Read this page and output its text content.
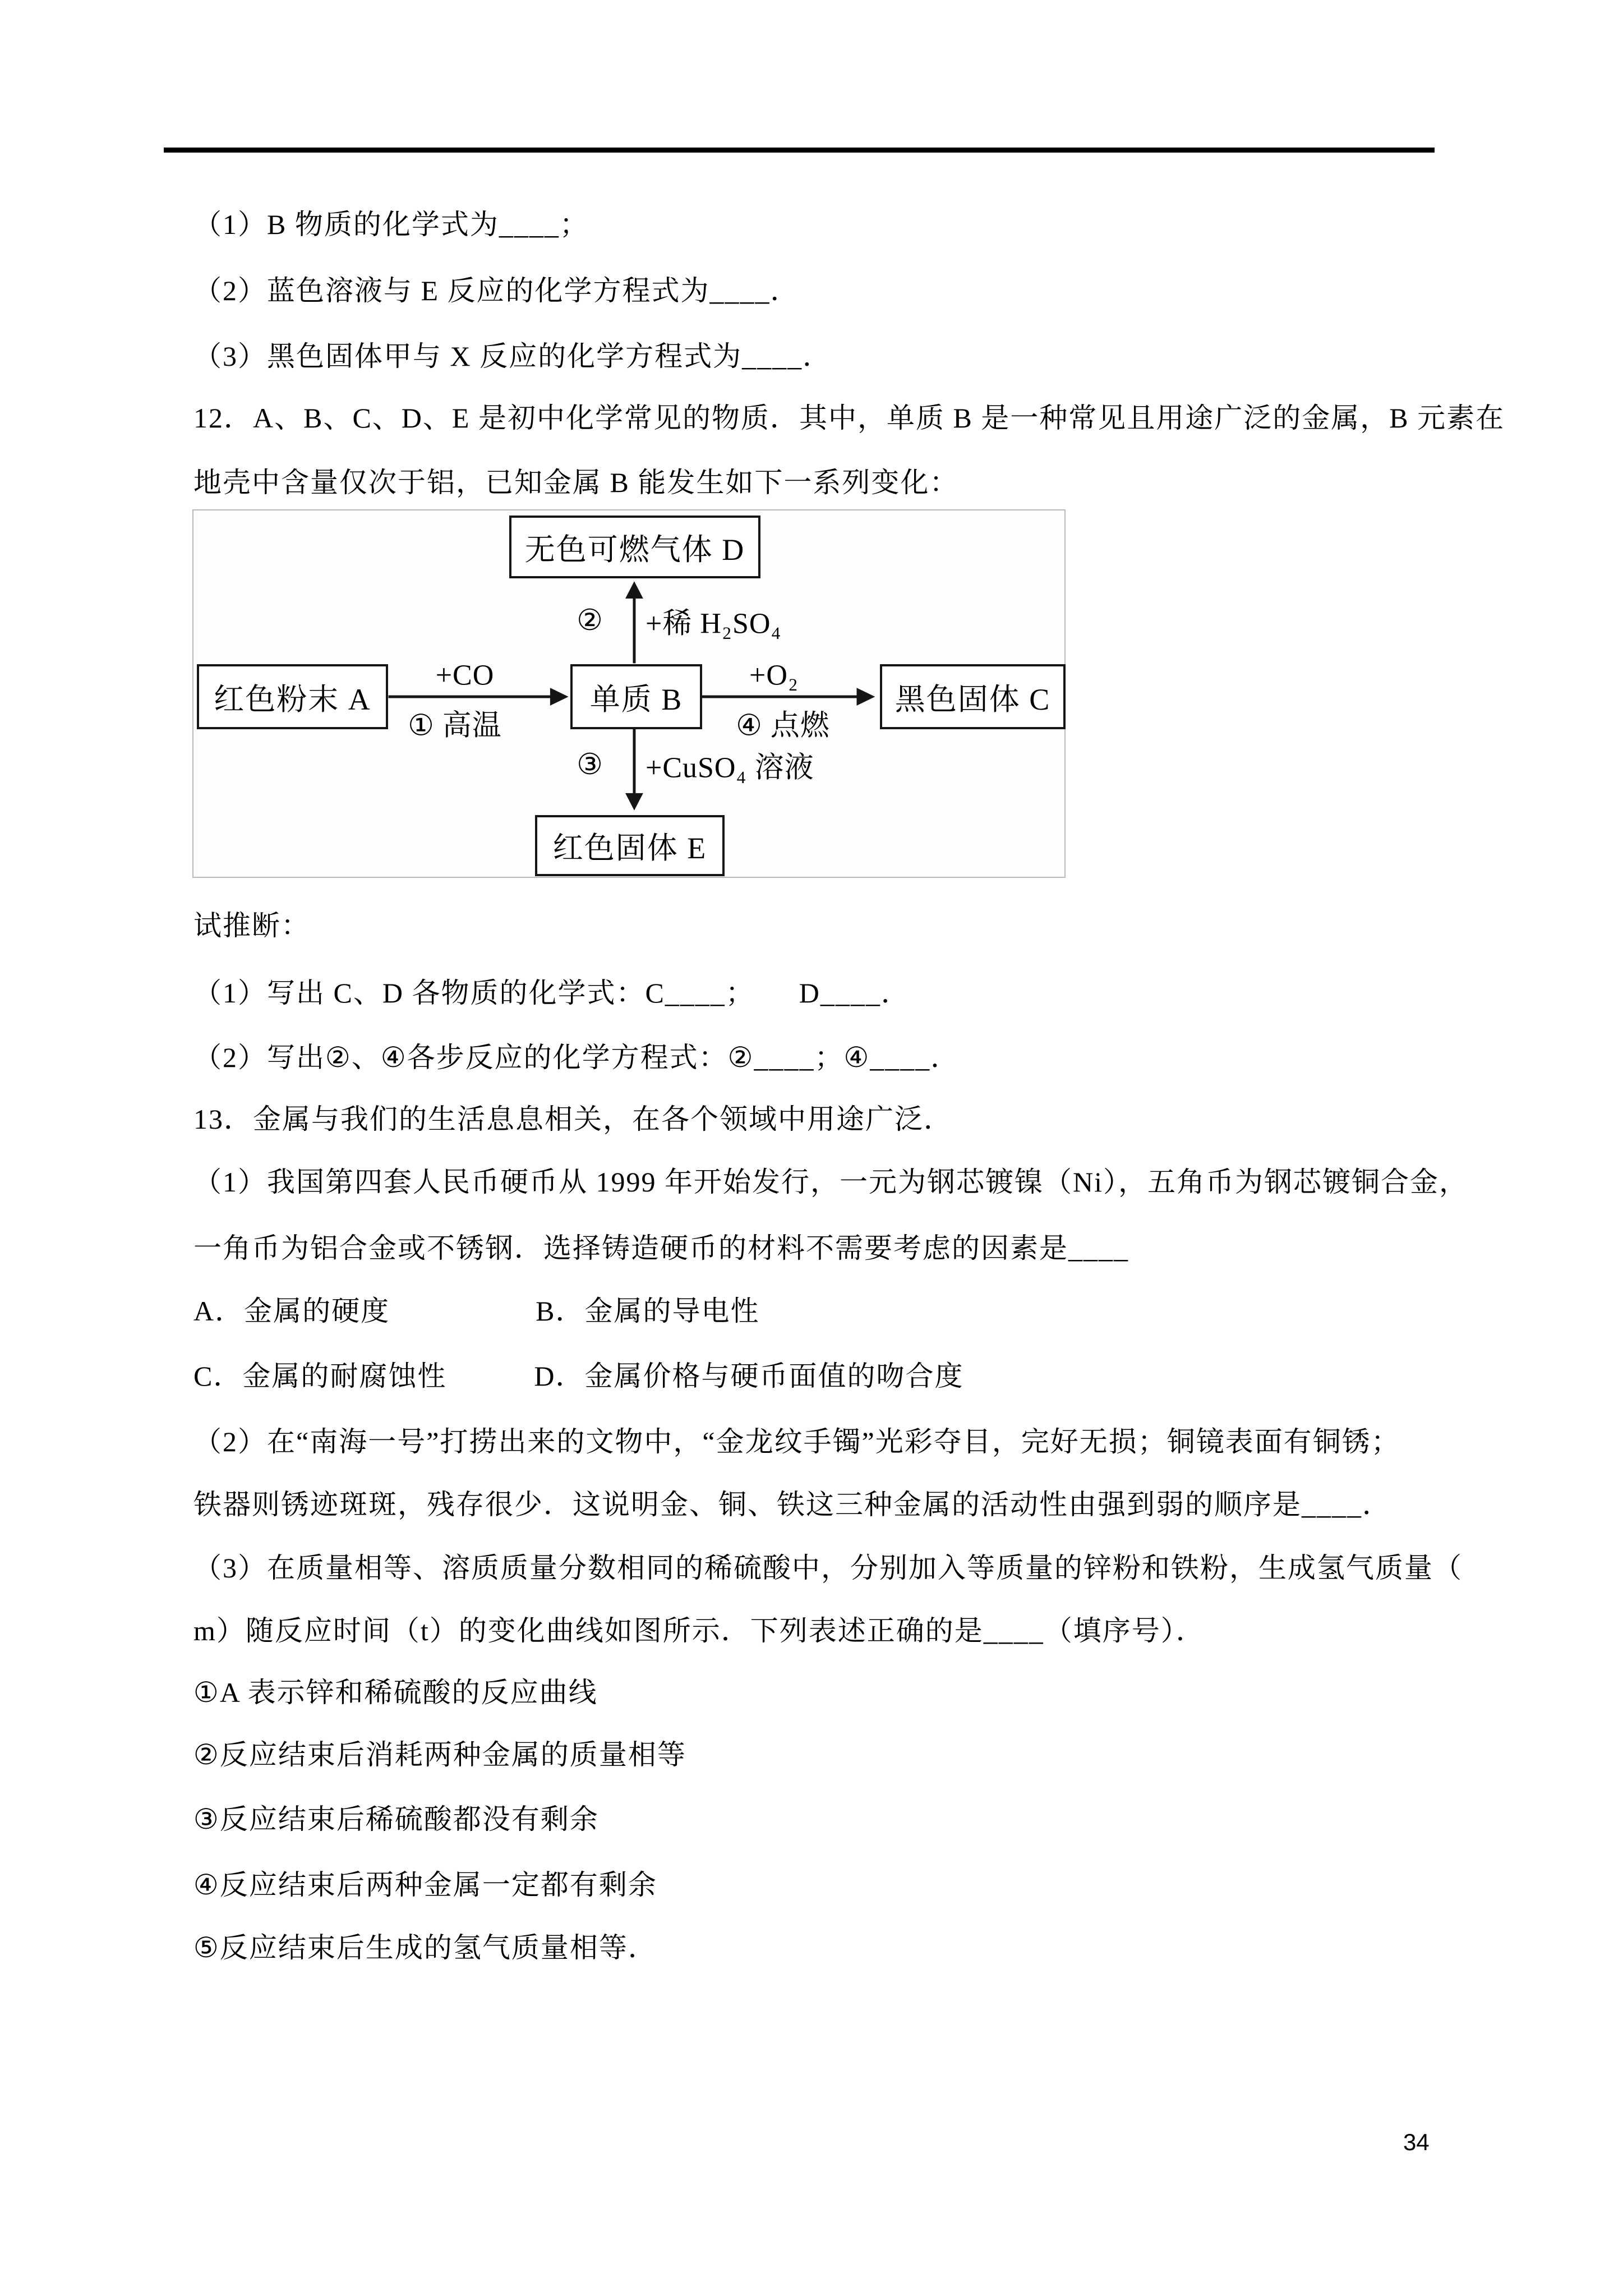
（1）B 物质的化学式为____；

（2）蓝色溶液与 E 反应的化学方程式为____．

（3）黑色固体甲与 X 反应的化学方程式为____．

12．A、B、C、D、E 是初中化学常见的物质．其中，单质 B 是一种常见且用途广泛的金属，B 元素在

地壳中含量仅次于铝，已知金属 B 能发生如下一系列变化：

无色可燃气体 D
红色粉末 A	单质 B	黑色固体 C
红色固体 E
+CO
① 高温
+O₂
④ 点燃
② +稀 H₂SO₄
③ +CuSO₄ 溶液

试推断：

（1）写出 C、D 各物质的化学式：C____；　　D____．

（2）写出②、④各步反应的化学方程式：②____；④____．

13．金属与我们的生活息息相关，在各个领域中用途广泛．

（1）我国第四套人民币硬币从 1999 年开始发行，一元为钢芯镀镍（Ni），五角币为钢芯镀铜合金，

一角币为铝合金或不锈钢．选择铸造硬币的材料不需要考虑的因素是____

A．金属的硬度　　　　　B．金属的导电性

C．金属的耐腐蚀性　　　D．金属价格与硬币面值的吻合度

（2）在“南海一号”打捞出来的文物中，“金龙纹手镯”光彩夺目，完好无损；铜镜表面有铜锈；

铁器则锈迹斑斑，残存很少．这说明金、铜、铁这三种金属的活动性由强到弱的顺序是____．

（3）在质量相等、溶质质量分数相同的稀硫酸中，分别加入等质量的锌粉和铁粉，生成氢气质量（

m）随反应时间（t）的变化曲线如图所示．下列表述正确的是____（填序号）．

①A 表示锌和稀硫酸的反应曲线

②反应结束后消耗两种金属的质量相等

③反应结束后稀硫酸都没有剩余

④反应结束后两种金属一定都有剩余

⑤反应结束后生成的氢气质量相等．

34
